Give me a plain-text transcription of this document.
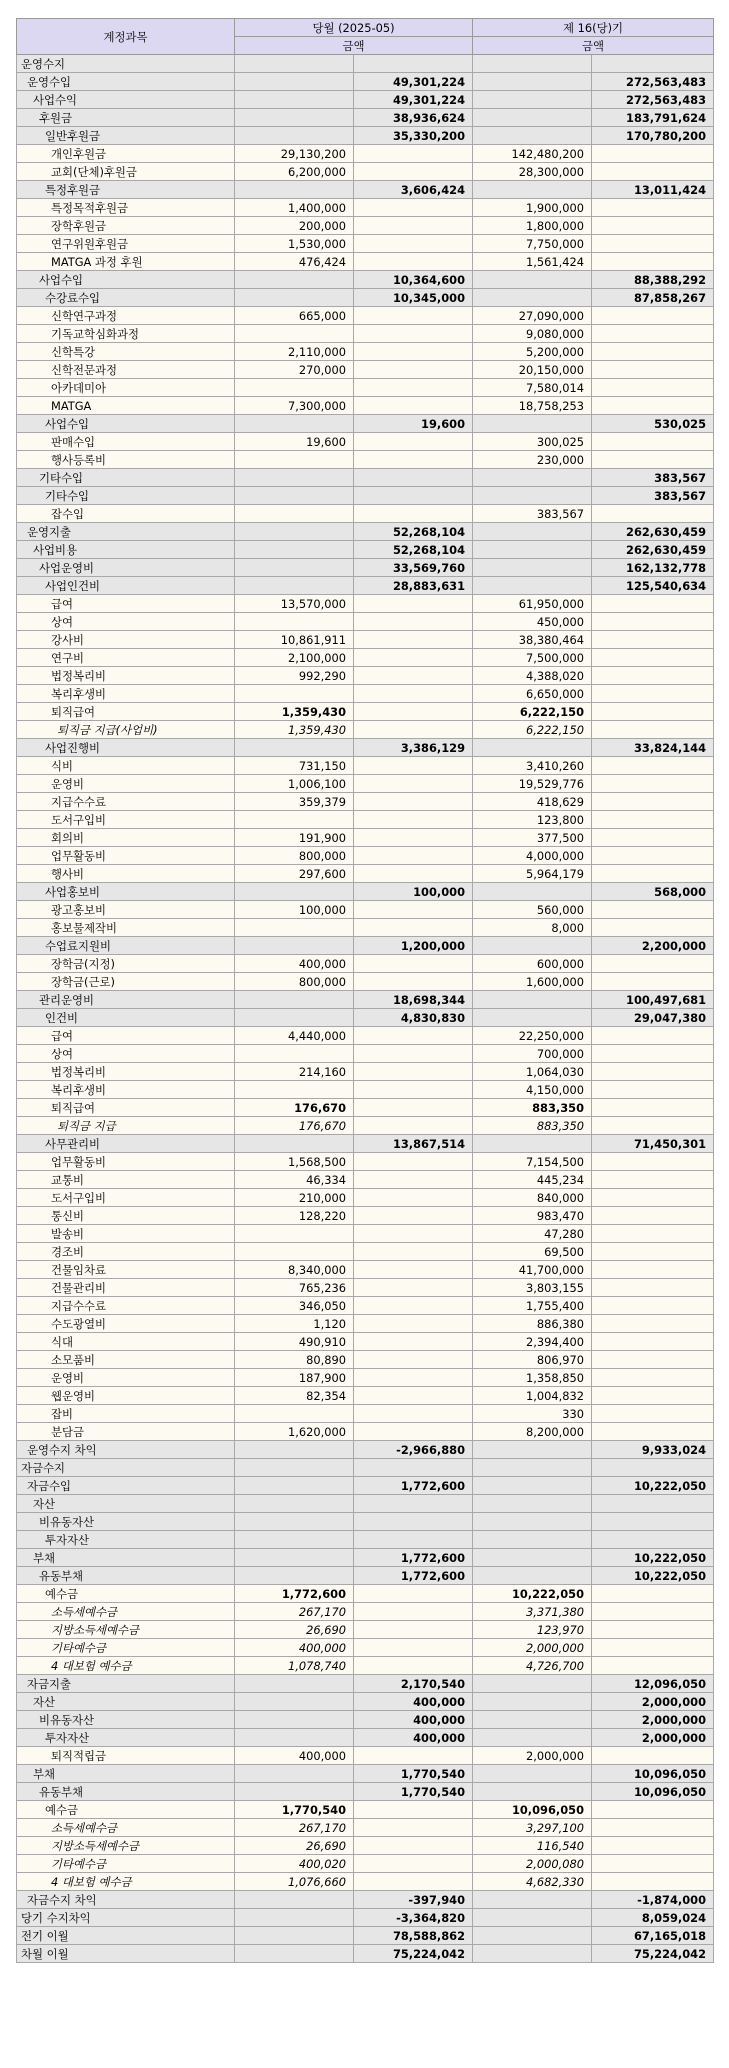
계정과목	당월 (2025-05)		제 16(당)기	
	금액		금액	
운영수지				
운영수입		49,301,224		272,563,483
사업수익		49,301,224		272,563,483
후원금		38,936,624		183,791,624
일반후원금		35,330,200		170,780,200
개인후원금	29,130,200		142,480,200	
교회(단체)후원금	6,200,000		28,300,000	
특정후원금		3,606,424		13,011,424
특정목적후원금	1,400,000		1,900,000	
장학후원금	200,000		1,800,000	
연구위원후원금	1,530,000		7,750,000	
MATGA 과정 후원	476,424		1,561,424	
사업수입		10,364,600		88,388,292
수강료수입		10,345,000		87,858,267
신학연구과정	665,000		27,090,000	
기독교학심화과정			9,080,000	
신학특강	2,110,000		5,200,000	
신학전문과정	270,000		20,150,000	
아카데미아			7,580,014	
MATGA	7,300,000		18,758,253	
사업수입		19,600		530,025
판매수입	19,600		300,025	
행사등록비			230,000	
기타수입				383,567
기타수입				383,567
잡수입			383,567	
운영지출		52,268,104		262,630,459
사업비용		52,268,104		262,630,459
사업운영비		33,569,760		162,132,778
사업인건비		28,883,631		125,540,634
급여	13,570,000		61,950,000	
상여			450,000	
강사비	10,861,911		38,380,464	
연구비	2,100,000		7,500,000	
법정복리비	992,290		4,388,020	
복리후생비			6,650,000	
퇴직급여	1,359,430		6,222,150	
퇴직금 지급(사업비)	1,359,430		6,222,150	
사업진행비		3,386,129		33,824,144
식비	731,150		3,410,260	
운영비	1,006,100		19,529,776	
지급수수료	359,379		418,629	
도서구입비			123,800	
회의비	191,900		377,500	
업무활동비	800,000		4,000,000	
행사비	297,600		5,964,179	
사업홍보비		100,000		568,000
광고홍보비	100,000		560,000	
홍보물제작비			8,000	
수업료지원비		1,200,000		2,200,000
장학금(지정)	400,000		600,000	
장학금(근로)	800,000		1,600,000	
관리운영비		18,698,344		100,497,681
인건비		4,830,830		29,047,380
급여	4,440,000		22,250,000	
상여			700,000	
법정복리비	214,160		1,064,030	
복리후생비			4,150,000	
퇴직급여	176,670		883,350	
퇴직금 지급	176,670		883,350	
사무관리비		13,867,514		71,450,301
업무활동비	1,568,500		7,154,500	
교통비	46,334		445,234	
도서구입비	210,000		840,000	
통신비	128,220		983,470	
발송비			47,280	
경조비			69,500	
건물임차료	8,340,000		41,700,000	
건물관리비	765,236		3,803,155	
지급수수료	346,050		1,755,400	
수도광열비	1,120		886,380	
식대	490,910		2,394,400	
소모품비	80,890		806,970	
운영비	187,900		1,358,850	
웹운영비	82,354		1,004,832	
잡비			330	
분담금	1,620,000		8,200,000	
운영수지 차익		-2,966,880		9,933,024
자금수지				
자금수입		1,772,600		10,222,050
자산				
비유동자산				
투자자산				
부채		1,772,600		10,222,050
유동부채		1,772,600		10,222,050
예수금	1,772,600		10,222,050	
소득세예수금	267,170		3,371,380	
지방소득세예수금	26,690		123,970	
기타예수금	400,000		2,000,000	
4 대보험 예수금	1,078,740		4,726,700	
자금지출		2,170,540		12,096,050
자산		400,000		2,000,000
비유동자산		400,000		2,000,000
투자자산		400,000		2,000,000
퇴직적립금	400,000		2,000,000	
부채		1,770,540		10,096,050
유동부채		1,770,540		10,096,050
예수금	1,770,540		10,096,050	
소득세예수금	267,170		3,297,100	
지방소득세예수금	26,690		116,540	
기타예수금	400,020		2,000,080	
4 대보험 예수금	1,076,660		4,682,330	
자금수지 차익		-397,940		-1,874,000
당기 수지차익		-3,364,820		8,059,024
전기 이월		78,588,862		67,165,018
차월 이월		75,224,042		75,224,042
